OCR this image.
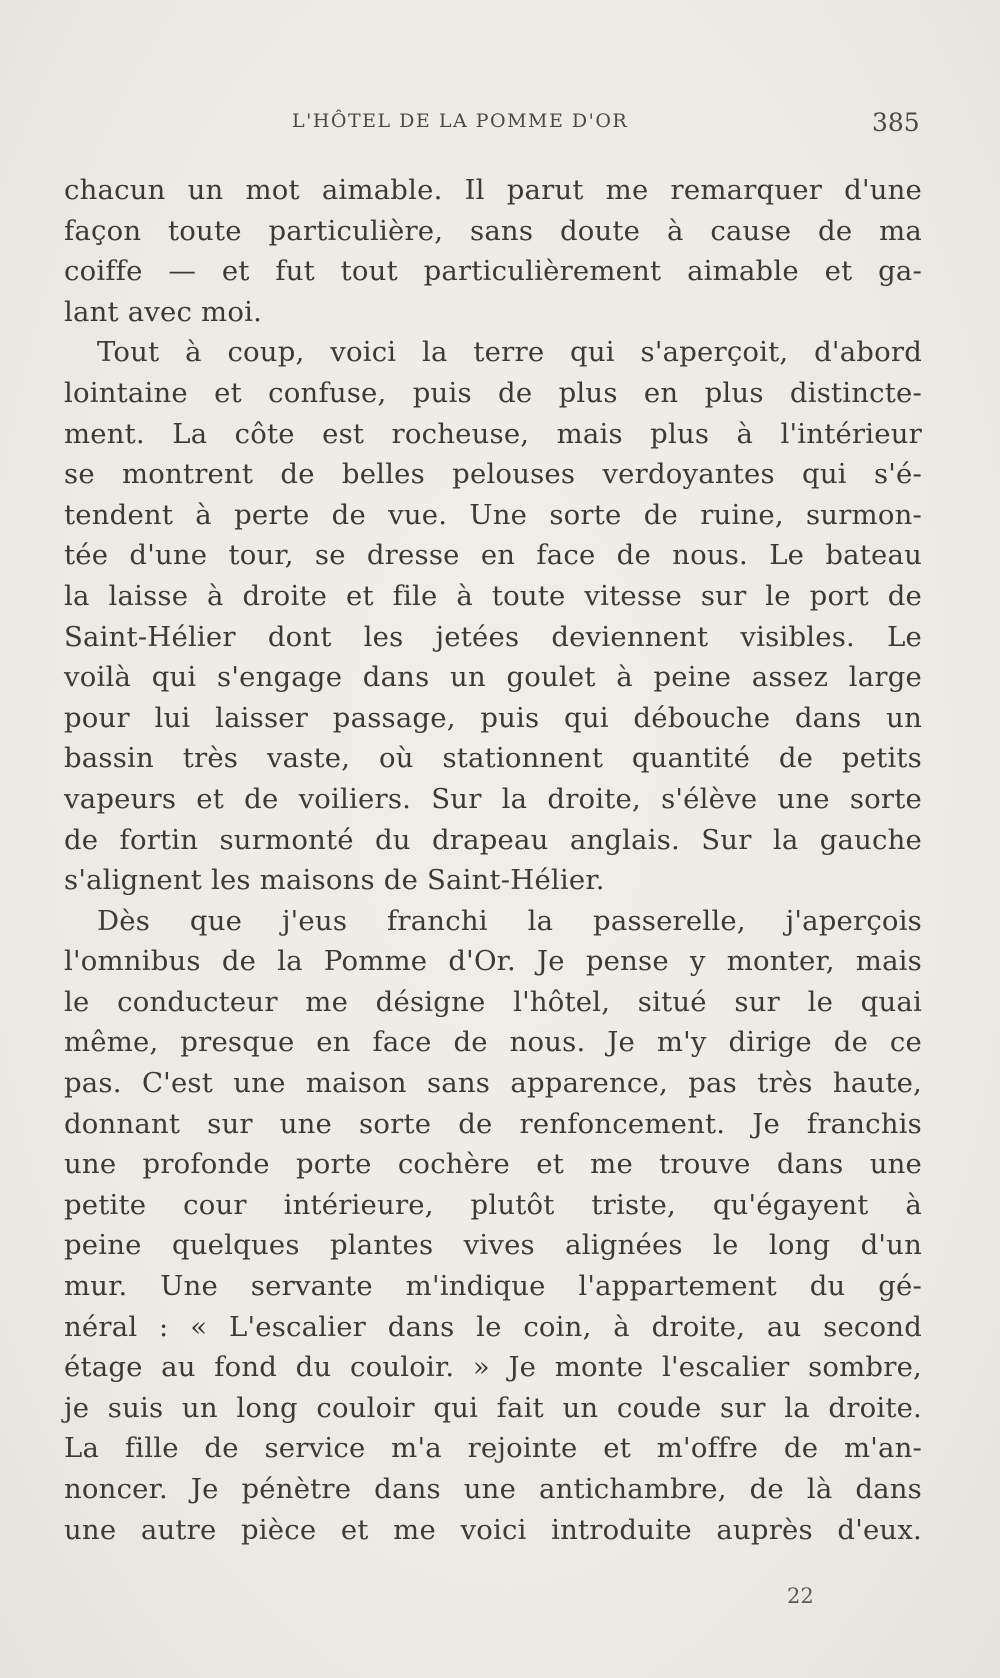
L'HÔTEL DE LA POMME D'OR	385
chacun un mot aimable. Il parut me remarquer d'une
façon toute particulière, sans doute à cause de ma
coiffe — et fut tout particulièrement aimable et ga-
lant avec moi.
Tout à coup, voici la terre qui s'aperçoit, d'abord
lointaine et confuse, puis de plus en plus distincte-
ment. La côte est rocheuse, mais plus à l'intérieur
se montrent de belles pelouses verdoyantes qui s'é-
tendent à perte de vue. Une sorte de ruine, surmon-
tée d'une tour, se dresse en face de nous. Le bateau
la laisse à droite et file à toute vitesse sur le port de
Saint-Hélier dont les jetées deviennent visibles. Le
voilà qui s'engage dans un goulet à peine assez large
pour lui laisser passage, puis qui débouche dans un
bassin très vaste, où stationnent quantité de petits
vapeurs et de voiliers. Sur la droite, s'élève une sorte
de fortin surmonté du drapeau anglais. Sur la gauche
s'alignent les maisons de Saint-Hélier.
Dès que j'eus franchi la passerelle, j'aperçois
l'omnibus de la Pomme d'Or. Je pense y monter, mais
le conducteur me désigne l'hôtel, situé sur le quai
même, presque en face de nous. Je m'y dirige de ce
pas. C'est une maison sans apparence, pas très haute,
donnant sur une sorte de renfoncement. Je franchis
une profonde porte cochère et me trouve dans une
petite cour intérieure, plutôt triste, qu'égayent à
peine quelques plantes vives alignées le long d'un
mur. Une servante m'indique l'appartement du gé-
néral : « L'escalier dans le coin, à droite, au second
étage au fond du couloir. » Je monte l'escalier sombre,
je suis un long couloir qui fait un coude sur la droite.
La fille de service m'a rejointe et m'offre de m'an-
noncer. Je pénètre dans une antichambre, de là dans
une autre pièce et me voici introduite auprès d'eux.
22
